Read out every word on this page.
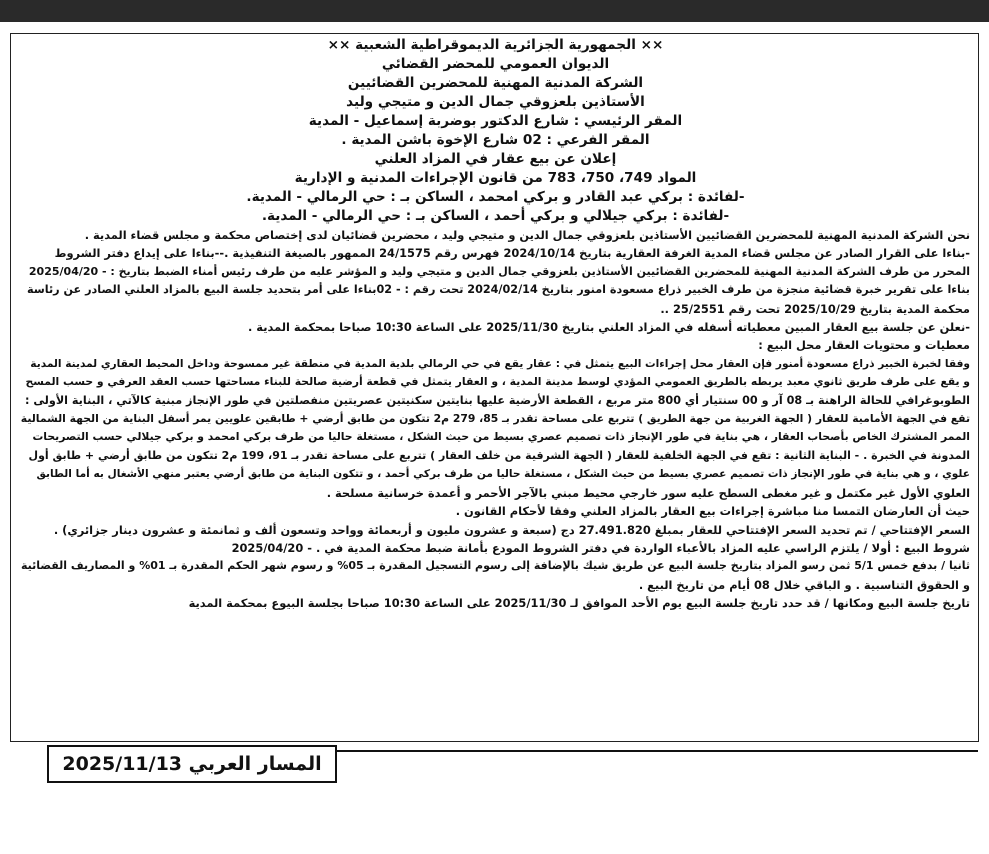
×× الجمهورية الجزائرية الديموقراطية الشعبية ××

الديوان العمومي للمحضر القضائي

الشركة المدنية المهنية للمحضرين القضائيين

الأستاذين بلعزوقي جمال الدين و متيجي وليد

المقر الرئيسي : شارع الدكتور بوضربة إسماعيل - المدية

المقر الفرعي : 02 شارع الإخوة باشن المدية .

إعلان عن بيع عقار في المزاد العلني

المواد 749، 750، 783 من قانون الإجراءات المدنية و الإدارية

-لفائدة : بركي عبد القادر و بركي امحمد ، الساكن بـ : حي الرمالي - المدية.

-لفائدة : بركي جيلالي و بركي أحمد ، الساكن بـ : حي الرمالي - المدية.

نحن الشركة المدنية المهنية للمحضرين القضائيين الأستاذين بلعزوقي جمال الدين و متيجي وليد ، محضرين قضائيان لدى إختصاص محكمة و مجلس قضاء المدية .

-بناءا على القرار الصادر عن مجلس قضاء المدية الغرفة العقارية بتاريخ 2024/10/14 فهرس رقم 24/1575 الممهور بالصيغة التنفيذية .--بناءا على إيداع دفتر الشروط

المحرر من طرف الشركة المدنية المهنية للمحضرين القضائيين الأستاذين بلعزوقي جمال الدين و متيجي وليد و المؤشر عليه من طرف رئيس أمناء الضبط بتاريخ : - 2025/04/20

بناءا على تقرير خبرة قضائية منجزة من طرف الخبير ذراع مسعودة امنور بتاريخ 2024/02/14 تحت رقم : - 02بناءا على أمر بتحديد جلسة البيع بالمزاد العلني الصادر عن رئاسة

محكمة المدية بتاريخ 2025/10/29 تحت رقم 25/2551 ..

-نعلن عن جلسة بيع العقار المبين معطياته أسفله في المزاد العلني بتاريخ 2025/11/30 على الساعة 10:30 صباحا بمحكمة المدية .

معطيات و محتويات العقار محل البيع :

وفقا لخبرة الخبير ذراع مسعودة أمنور فإن العقار محل إجراءات البيع يتمثل في : عقار يقع في حي الرمالي بلدية المدية في منطقة غير ممسوحة وداخل المحيط العقاري لمدينة المدية

و يقع على طرف طريق ثانوي معبد يربطه بالطريق العمومي المؤدي لوسط مدينة المدية ، و العقار يتمثل في قطعة أرضية صالحة للبناء مساحتها حسب العقد العرفي و حسب المسح

الطوبوغرافي للحالة الراهنة بـ 08 آر و 00 سنتيار أي 800 متر مربع ، القطعة الأرضية عليها بنايتين سكنيتين عصريتين منفصلتين في طور الإنجاز مبنية كالآتي ، البناية الأولى :

تقع في الجهة الأمامية للعقار ( الجهة الغربية من جهة الطريق ) تتربع على مساحة تقدر بـ 85، 279 م2 تتكون من طابق أرضي + طابقين علويين يمر أسفل البناية من الجهة الشمالية

الممر المشترك الخاص بأصحاب العقار ، هي بناية في طور الإنجاز ذات تصميم عصري بسيط من حيث الشكل ، مستغلة حاليا من طرف بركي امحمد و بركي جيلالي حسب التصريحات

المدونة في الخبرة . - البناية الثانية : تقع في الجهة الخلفية للعقار ( الجهة الشرقية من خلف العقار ) تتربع على مساحة تقدر بـ 91، 199 م2 تتكون من طابق أرضي + طابق أول

علوي ، و هي بناية في طور الإنجاز ذات تصميم عصري بسيط من حيث الشكل ، مستغلة حاليا من طرف بركي أحمد ، و تتكون البناية من طابق أرضي يعتبر منهي الأشغال به أما الطابق

العلوي الأول غير مكتمل و غير مغطى السطح عليه سور خارجي محيط مبني بالآجر الأحمر و أعمدة خرسانية مسلحة .

حيث أن العارضان التمسا منا مباشرة إجراءات بيع العقار بالمزاد العلني وفقا لأحكام القانون .

السعر الإفتتاحي / تم تحديد السعر الإفتتاحي للعقار بمبلغ 27.491.820 دج (سبعة و عشرون مليون و أربعمائة وواحد وتسعون ألف و ثمانمئة و عشرون دينار جزائري) .

شروط البيع : أولا / يلتزم الراسي عليه المزاد بالأعباء الواردة في دفتر الشروط المودع بأمانة ضبط محكمة المدية في . - 2025/04/20

ثانيا / بدفع خمس 5/1 ثمن رسو المزاد بتاريخ جلسة البيع عن طريق شيك بالإضافة إلى رسوم التسجيل المقدرة بـ 05% و رسوم شهر الحكم المقدرة بـ 01% و المصاريف القضائية

و الحقوق التناسبية . و الباقي خلال 08 أيام من تاريخ البيع .

تاريخ جلسة البيع ومكانها / قد حدد تاريخ جلسة البيع يوم الأحد الموافق لـ 2025/11/30 على الساعة 10:30 صباحا بجلسة البيوع بمحكمة المدية

المسار العربي 2025/11/13
